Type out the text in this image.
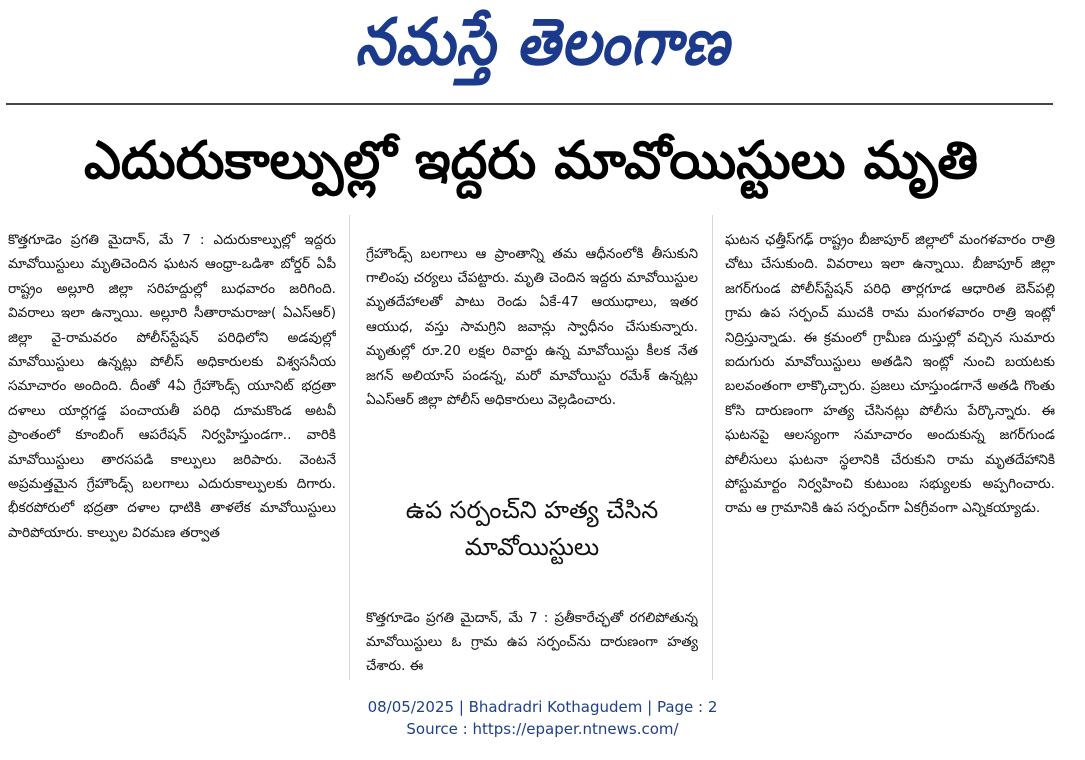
నమస్తే తెలంగాణ
ఎదురుకాల్పుల్లో ఇద్దరు మావోయిస్టులు మృతి

కొత్తగూడెం ప్రగతి మైదాన్, మే 7 : ఎదురుకాల్పుల్లో ఇద్దరు మావోయిస్టులు మృతిచెందిన ఘటన ఆంధ్రా-ఒడిశా బోర్డర్ ఏపీ రాష్ట్రం అల్లూరి జిల్లా సరిహద్దుల్లో బుధవారం జరిగింది. వివరాలు ఇలా ఉన్నాయి. అల్లూరి సీతారామరాజు( ఏఎస్ఆర్) జిల్లా వై-రామవరం పోలీస్‌స్టేషన్ పరిధిలోని అడవుల్లో మావోయిస్టులు ఉన్నట్లు పోలీస్ అధికారులకు విశ్వసనీయ సమాచారం అందింది. దీంతో 4ఏ గ్రేహౌండ్స్ యూనిట్ భద్రతా దళాలు యార్లగడ్డ పంచాయతీ పరిధి దూమకొండ అటవీ ప్రాంతంలో కూంబింగ్ ఆపరేషన్ నిర్వహిస్తుండగా.. వారికి మావోయిస్టులు తారసపడి కాల్పులు జరిపారు. వెంటనే అప్రమత్తమైన గ్రేహౌండ్స్ బలగాలు ఎదురుకాల్పులకు దిగారు. భీకరపోరులో భద్రతా దళాల ధాటికి తాళలేక మావోయిస్టులు పారిపోయారు. కాల్పుల విరమణ తర్వాత

గ్రేహౌండ్స్ బలగాలు ఆ ప్రాంతాన్ని తమ ఆధీనంలోకి తీసుకుని గాలింపు చర్యలు చేపట్టారు. మృతి చెందిన ఇద్దరు మావోయిస్టుల మృతదేహాలతో పాటు రెండు ఏకే-47 ఆయుధాలు, ఇతర ఆయుధ, వస్తు సామగ్రిని జవాన్లు స్వాధీనం చేసుకున్నారు. మృతుల్లో రూ.20 లక్షల రివార్డు ఉన్న మావోయిస్టు కీలక నేత జగన్ అలియాస్ పండన్న, మరో మావోయిస్టు రమేశ్ ఉన్నట్లు ఏఎస్ఆర్ జిల్లా పోలీస్ అధికారులు వెల్లడించారు.

ఉప సర్పంచ్‌ని హత్య చేసిన
మావోయిస్టులు

కొత్తగూడెం ప్రగతి మైదాన్, మే 7 : ప్రతీకారేచ్ఛతో రగలిపోతున్న మావోయిస్టులు ఓ గ్రామ ఉప సర్పంచ్‌ను దారుణంగా హత్య చేశారు. ఈ

ఘటన ఛత్తీస్‌గఢ్ రాష్ట్రం బీజాపూర్ జిల్లాలో మంగళవారం రాత్రి చోటు చేసుకుంది. వివరాలు ఇలా ఉన్నాయి. బీజాపూర్ జిల్లా జగర్‌గుండ పోలీస్‌స్టేషన్ పరిధి తార్లగూడ ఆధారిత బెన్‌పల్లి గ్రామ ఉప సర్పంచ్ ముచకి రామ మంగళవారం రాత్రి ఇంట్లో నిద్రిస్తున్నాడు. ఈ క్రమంలో గ్రామీణ దుస్తుల్లో వచ్చిన సుమారు ఐదుగురు మావోయిస్టులు అతడిని ఇంట్లో నుంచి బయటకు బలవంతంగా లాక్కొచ్చారు. ప్రజలు చూస్తుండగానే అతడి గొంతు కోసి దారుణంగా హత్య చేసినట్లు పోలీసు పేర్కొన్నారు. ఈ ఘటనపై ఆలస్యంగా సమాచారం అందుకున్న జగర్‌గుండ పోలీసులు ఘటనా స్థలానికి చేరుకుని రామ మృతదేహానికి పోస్టుమార్టం నిర్వహించి కుటుంబ సభ్యులకు అప్పగించారు. రామ ఆ గ్రామానికి ఉప సర్పంచ్‌గా ఏకగ్రీవంగా ఎన్నికయ్యాడు.

08/05/2025 | Bhadradri Kothagudem | Page : 2
Source : https://epaper.ntnews.com/
